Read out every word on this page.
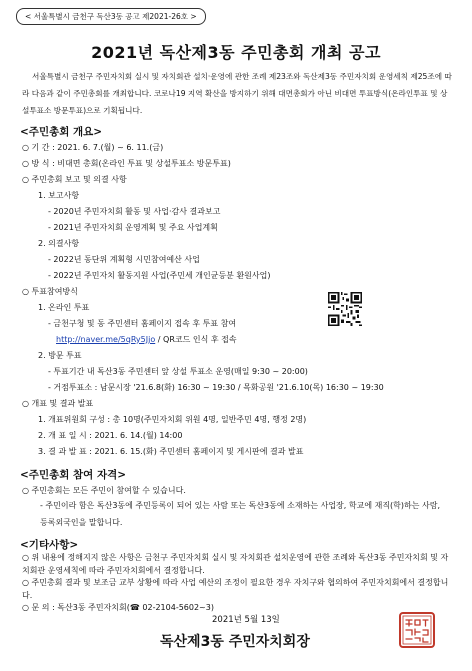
< 서울특별시 금천구 독산3동 공고 제2021-26호 >
2021년 독산제3동 주민총회 개최 공고
서울특별시 금천구 주민자치회 실시 및 자치회관 설치·운영에 관한 조례 제23조와 독산제3동 주민자치회 운영세칙 제25조에 따라 다음과 같이 주민총회를 개최합니다. 코로나19 지역 확산을 방지하기 위해 대면총회가 아닌 비대면 투표방식(온라인투표 및 상설투표소 방문투표)으로 기획됩니다.
<주민총회 개요>
○ 기 간 : 2021. 6. 7.(월) ~ 6. 11.(금)
○ 방 식 : 비대면 총회(온라인 투표 및 상설투표소 방문투표)
○ 주민총회 보고 및 의결 사항
1. 보고사항
- 2020년 주민자치회 활동 및 사업·감사 결과보고
- 2021년 주민자치회 운영계획 및 주요 사업계획
2. 의결사항
- 2022년 동단위 계획형 시민참여예산 사업
- 2022년 주민자치 활동지원 사업(주민세 개인균등분 환원사업)
○ 투표참여방식
1. 온라인 투표
- 금천구청 및 동 주민센터 홈페이지 접속 후 투표 참여
http://naver.me/5qRy5Jjo / QR코드 인식 후 접속
2. 방문 투표
- 투표기간 내 독산3동 주민센터 앞 상설 투표소 운영(매일 9:30 ~ 20:00)
- 거점투표소 : 남문시장 '21.6.8(화) 16:30 ~ 19:30 / 목화공원 '21.6.10(목) 16:30 ~ 19:30
○ 개표 및 결과 발표
1. 개표위원회 구성 : 총 10명(주민자치회 위원 4명, 일반주민 4명, 행정 2명)
2. 개 표 일 시 : 2021. 6. 14.(월) 14:00
3. 결 과 발 표 : 2021. 6. 15.(화) 주민센터 홈페이지 및 게시판에 결과 발표
<주민총회 참여 자격>
○ 주민총회는 모든 주민이 참여할 수 있습니다.
- 주민이라 함은 독산3동에 주민등록이 되어 있는 사람 또는 독산3동에 소재하는 사업장, 학교에 재직(학)하는 사람, 등록외국인을 말합니다.
<기타사항>
○ 위 내용에 정해지지 않은 사항은 금천구 주민자치회 실시 및 자치회관 설치운영에 관한 조례와 독산3동 주민자치회 및 자치회관 운영세칙에 따라 주민자치회에서 결정합니다.
○ 주민총회 결과 및 보조금 교부 상황에 따라 사업 예산의 조정이 필요한 경우 자치구와 협의하여 주민자치회에서 결정합니다.
○ 문 의 : 독산3동 주민자치회(☎ 02-2104-5602~3)
2021년 5월 13일
독산제3동 주민자치회장
